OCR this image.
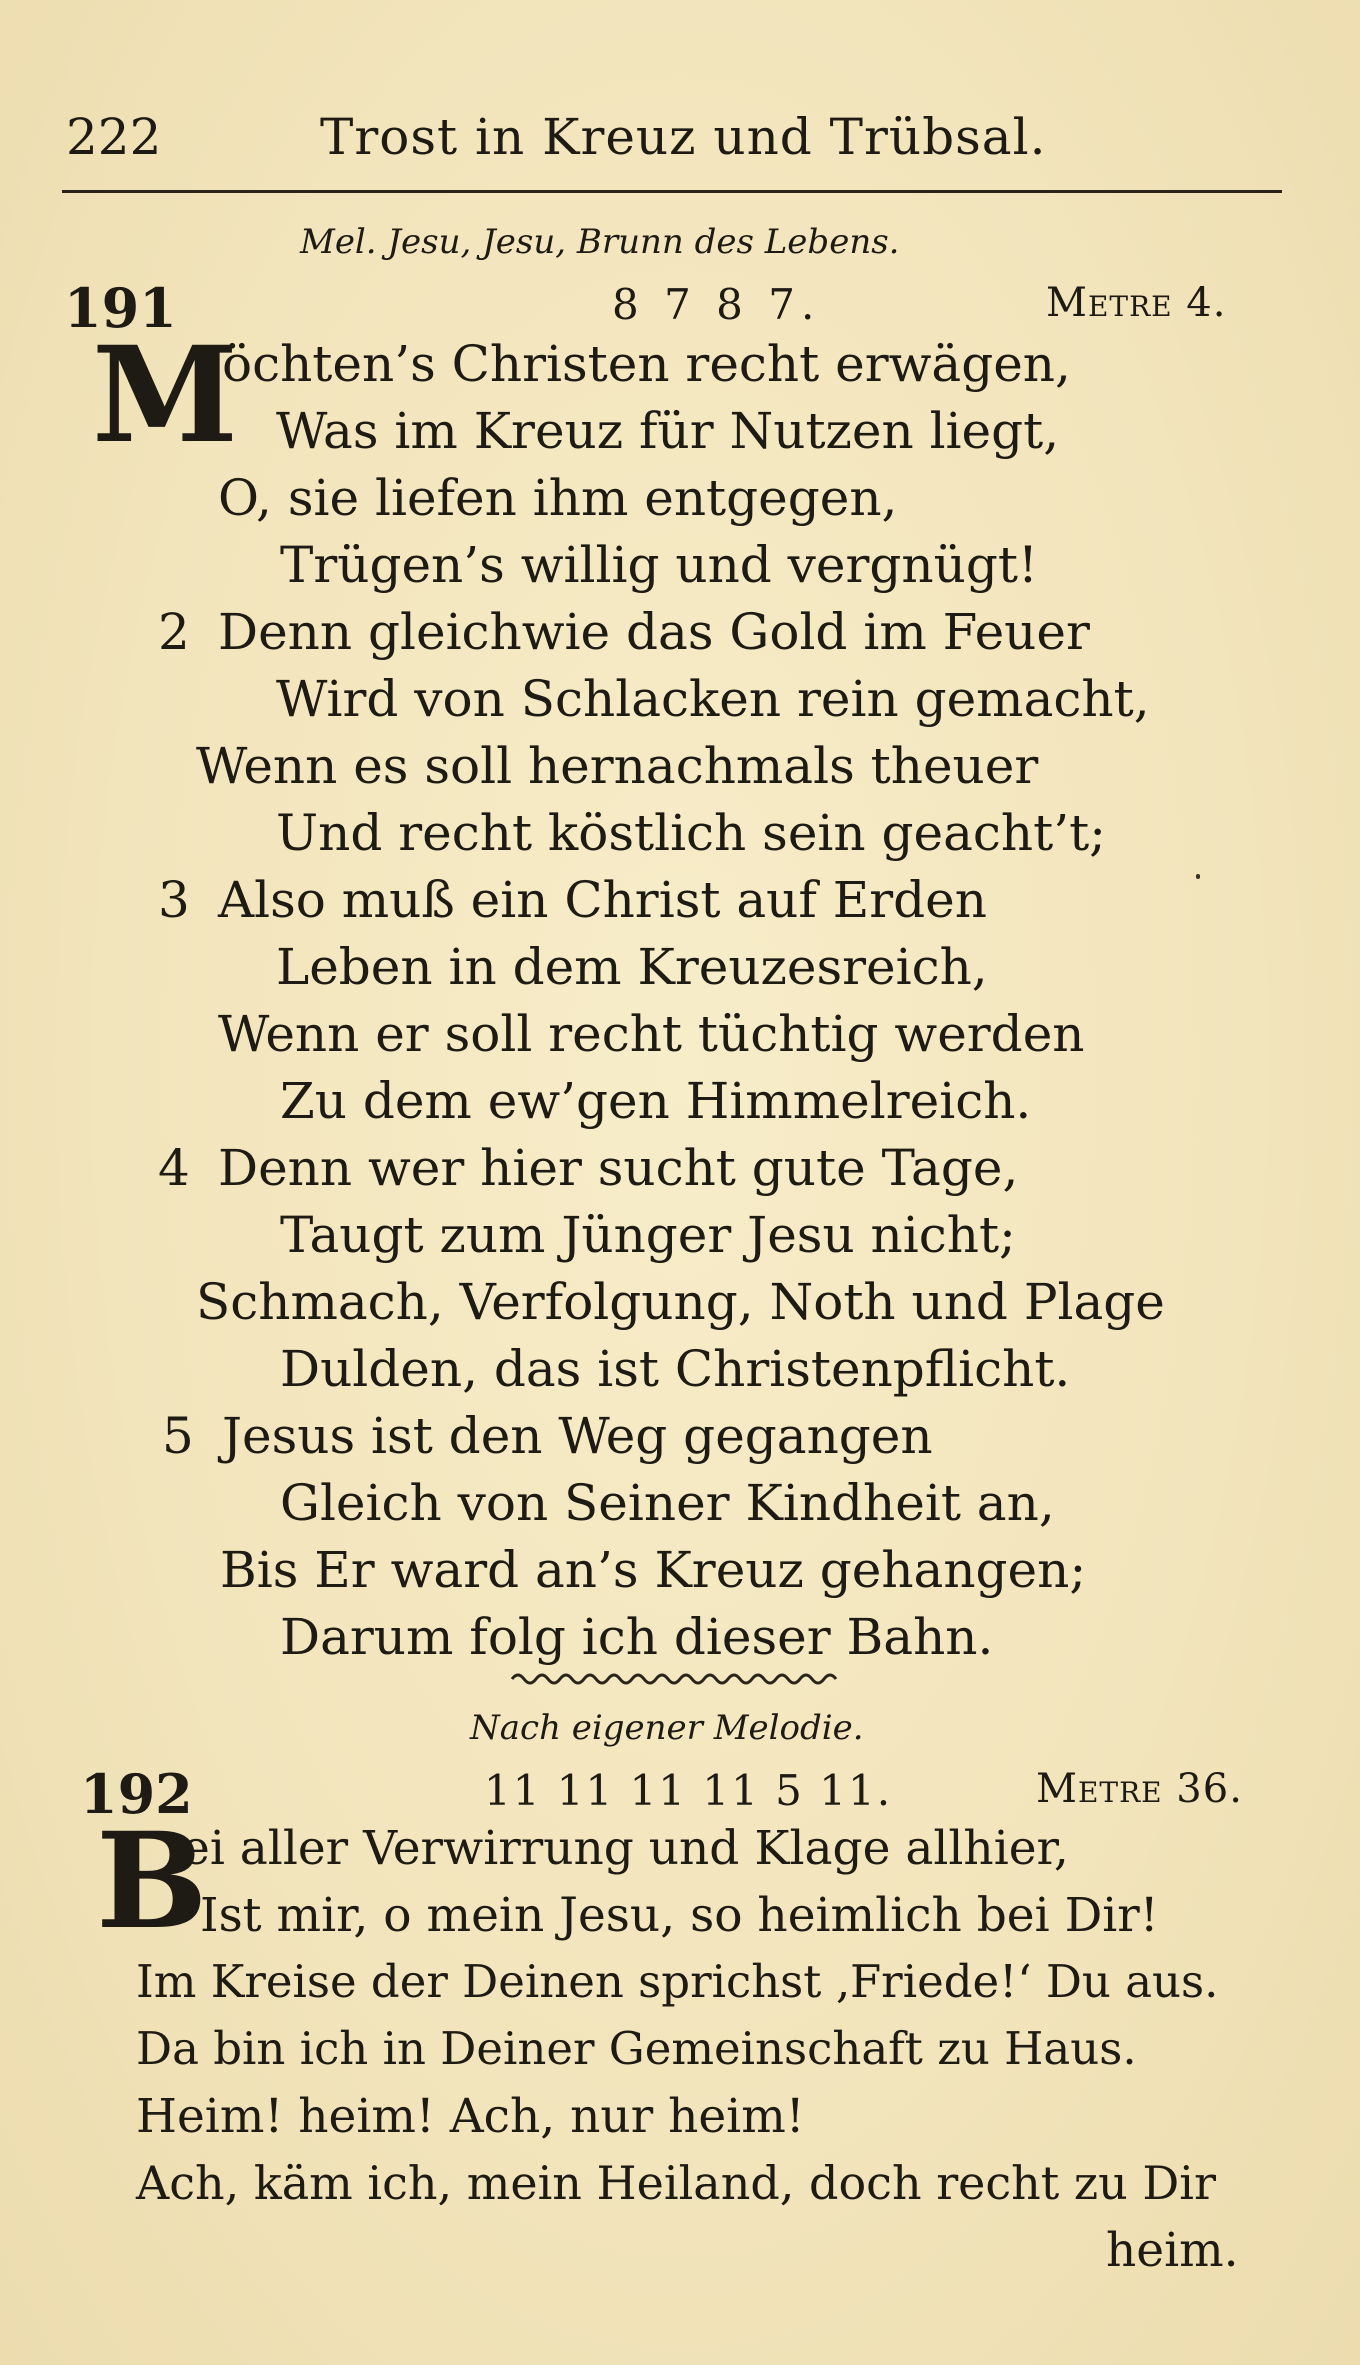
222	Trost in Kreuz und Trübsal.
Mel. Jesu, Jesu, Brunn des Lebens.
191	8 7 8 7.	Metre 4.
M
öchten’s Christen recht erwägen,
Was im Kreuz für Nutzen liegt,
O, sie liefen ihm entgegen,
Trügen’s willig und vergnügt!
2 Denn gleichwie das Gold im Feuer
Wird von Schlacken rein gemacht,
Wenn es soll hernachmals theuer
Und recht köstlich sein geacht’t;
3 Also muß ein Christ auf Erden
Leben in dem Kreuzesreich,
Wenn er soll recht tüchtig werden
Zu dem ew’gen Himmelreich.
4 Denn wer hier sucht gute Tage,
Taugt zum Jünger Jesu nicht;
Schmach, Verfolgung, Noth und Plage
Dulden, das ist Christenpflicht.
5 Jesus ist den Weg gegangen
Gleich von Seiner Kindheit an,
Bis Er ward an’s Kreuz gehangen;
Darum folg ich dieser Bahn.
Nach eigener Melodie.
192	11 11 11 11 5 11.	Metre 36.
B
ei aller Verwirrung und Klage allhier,
Ist mir, o mein Jesu, so heimlich bei Dir!
Im Kreise der Deinen sprichst ‚Friede!‘ Du aus.
Da bin ich in Deiner Gemeinschaft zu Haus.
Heim! heim! Ach, nur heim!
Ach, käm ich, mein Heiland, doch recht zu Dir
heim.
